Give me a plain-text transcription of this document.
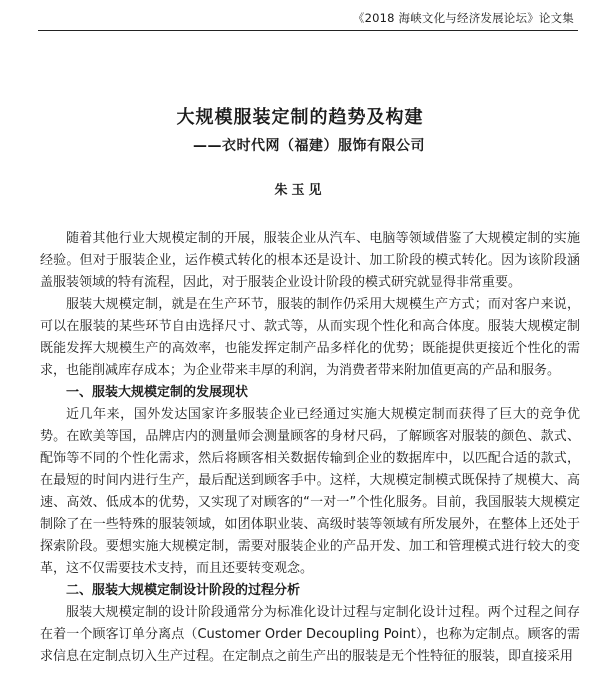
《2018 海峡文化与经济发展论坛》论文集
大规模服装定制的趋势及构建
——衣时代网（福建）服饰有限公司
朱玉见

随着其他行业大规模定制的开展，服装企业从汽车、电脑等领域借鉴了大规模定制的实施经验。但对于服装企业，运作模式转化的根本还是设计、加工阶段的模式转化。因为该阶段涵盖服装领域的特有流程，因此，对于服装企业设计阶段的模式研究就显得非常重要。

服装大规模定制，就是在生产环节，服装的制作仍采用大规模生产方式；而对客户来说，可以在服装的某些环节自由选择尺寸、款式等，从而实现个性化和高合体度。服装大规模定制既能发挥大规模生产的高效率，也能发挥定制产品多样化的优势；既能提供更接近个性化的需求，也能削减库存成本；为企业带来丰厚的利润，为消费者带来附加值更高的产品和服务。

一、服装大规模定制的发展现状

近几年来，国外发达国家许多服装企业已经通过实施大规模定制而获得了巨大的竞争优势。在欧美等国，品牌店内的测量师会测量顾客的身材尺码，了解顾客对服装的颜色、款式、配饰等不同的个性化需求，然后将顾客相关数据传输到企业的数据库中，以匹配合适的款式，在最短的时间内进行生产，最后配送到顾客手中。这样，大规模定制模式既保持了规模大、高速、高效、低成本的优势，又实现了对顾客的“一对一”个性化服务。目前，我国服装大规模定制除了在一些特殊的服装领域，如团体职业装、高级时装等领域有所发展外，在整体上还处于探索阶段。要想实施大规模定制，需要对服装企业的产品开发、加工和管理模式进行较大的变革，这不仅需要技术支持，而且还要转变观念。

二、服装大规模定制设计阶段的过程分析

服装大规模定制的设计阶段通常分为标准化设计过程与定制化设计过程。两个过程之间存在着一个顾客订单分离点（Customer Order Decoupling Point），也称为定制点。顾客的需求信息在定制点切入生产过程。在定制点之前生产出的服装是无个性特征的服装，即直接采用
